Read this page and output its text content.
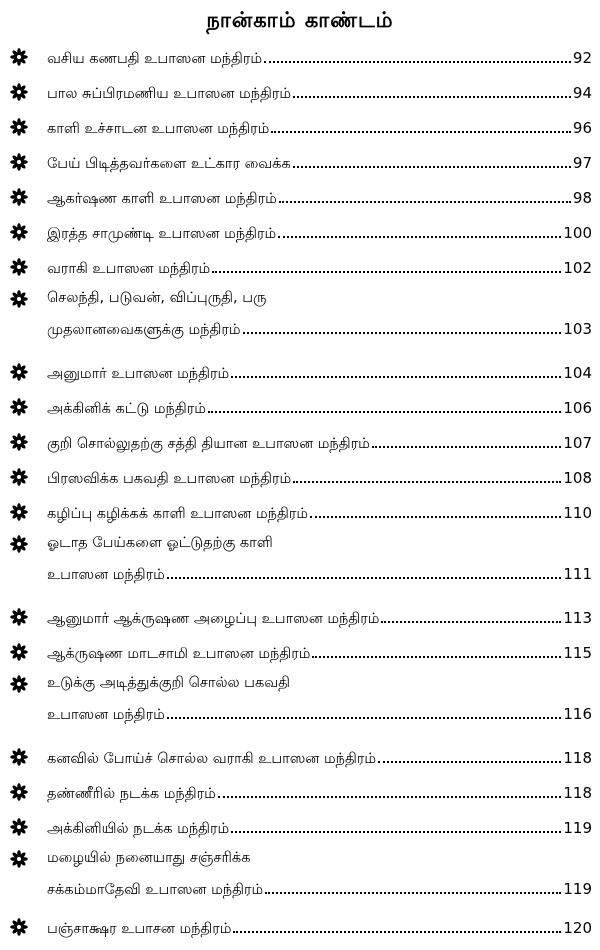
நான்காம் காண்டம்
வசிய கணபதி உபாஸன மந்திரம்	92
பால சுப்பிரமணிய உபாஸன மந்திரம்	94
காளி உச்சாடன உபாஸன மந்திரம்	96
பேய் பிடித்தவர்களை உட்கார வைக்க	97
ஆகர்ஷண காளி உபாஸன மந்திரம்	98
இரத்த சாமுண்டி உபாஸன மந்திரம்	100
வராகி உபாஸன மந்திரம்	102
செலந்தி, படுவன், விப்புருதி, பரு
முதலானவைகளுக்கு மந்திரம்	103
அனுமார் உபாஸன மந்திரம்	104
அக்கினிக் கட்டு மந்திரம்	106
குறி சொல்லுதற்கு சத்தி தியான உபாஸன மந்திரம்	107
பிரஸவிக்க பகவதி உபாஸன மந்திரம்	108
கழிப்பு கழிக்கக் காளி உபாஸன மந்திரம்	110
ஓடாத பேய்களை ஓட்டுதற்கு காளி
உபாஸன மந்திரம்	111
ஆனுமார் ஆக்ருஷண அழைப்பு உபாஸன மந்திரம்	113
ஆக்ருஷண மாடசாமி உபாஸன மந்திரம்	115
உடுக்கு அடித்துக்குறி சொல்ல பகவதி
உபாஸன மந்திரம்	116
கனவில் போய்ச் சொல்ல வராகி உபாஸன மந்திரம்	118
தண்ணீரில் நடக்க மந்திரம்	118
அக்கினியில் நடக்க மந்திரம்	119
மழையில் நனையாது சஞ்சரிக்க
சக்கம்மாதேவி உபாஸன மந்திரம்	119
பஞ்சாக்ஷர உபாசன மந்திரம்	120
